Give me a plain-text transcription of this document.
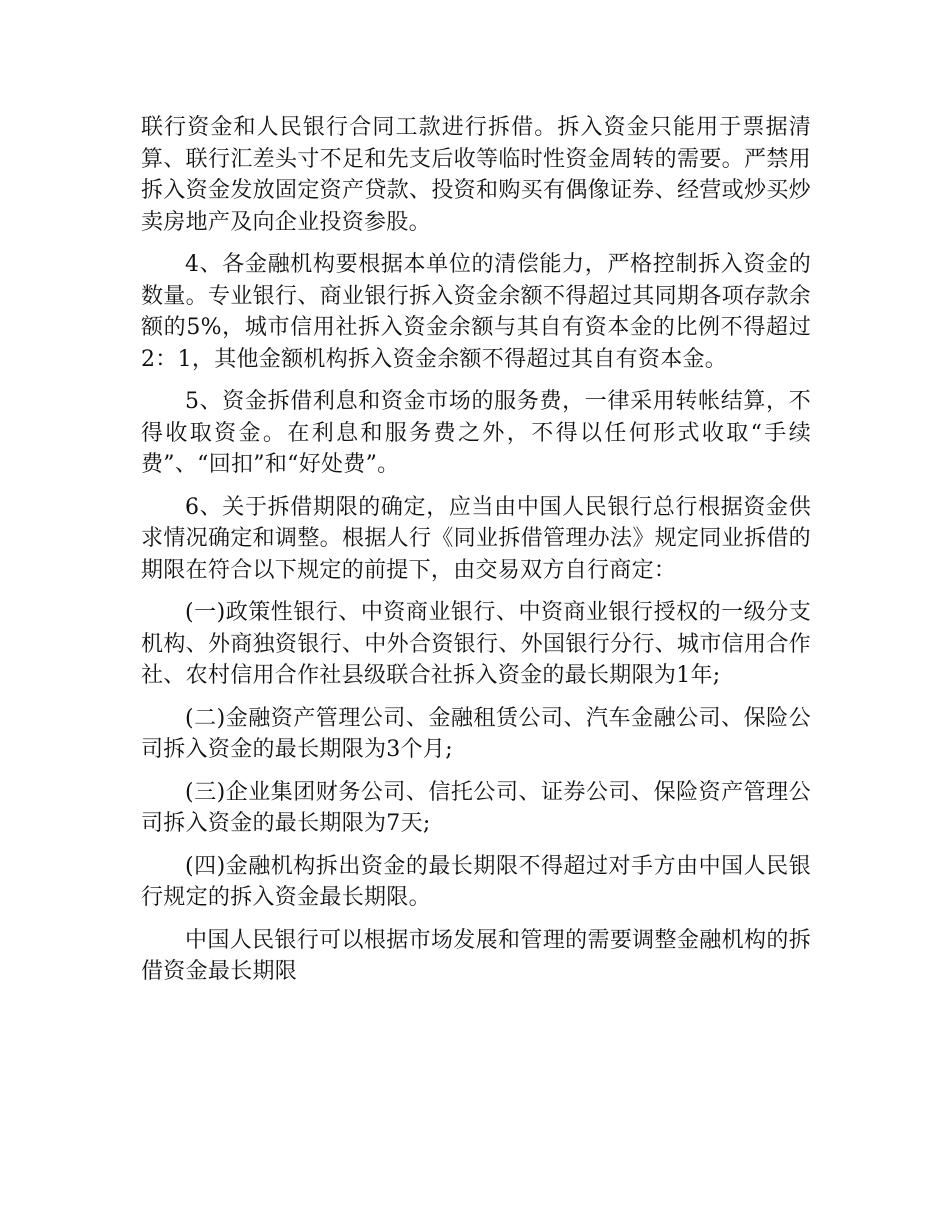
联行资金和人民银行合同工款进行拆借。拆入资金只能用于票据清算、联行汇差头寸不足和先支后收等临时性资金周转的需要。严禁用拆入资金发放固定资产贷款、投资和购买有偶像证券、经营或炒买炒卖房地产及向企业投资参股。

4、各金融机构要根据本单位的清偿能力，严格控制拆入资金的数量。专业银行、商业银行拆入资金余额不得超过其同期各项存款余额的5%，城市信用社拆入资金余额与其自有资本金的比例不得超过2：1，其他金额机构拆入资金余额不得超过其自有资本金。

5、资金拆借利息和资金市场的服务费，一律采用转帐结算，不得收取资金。在利息和服务费之外，不得以任何形式收取“手续费”、“回扣”和“好处费”。

6、关于拆借期限的确定，应当由中国人民银行总行根据资金供求情况确定和调整。根据人行《同业拆借管理办法》规定同业拆借的期限在符合以下规定的前提下，由交易双方自行商定：

(一)政策性银行、中资商业银行、中资商业银行授权的一级分支机构、外商独资银行、中外合资银行、外国银行分行、城市信用合作社、农村信用合作社县级联合社拆入资金的最长期限为1年;

(二)金融资产管理公司、金融租赁公司、汽车金融公司、保险公司拆入资金的最长期限为3个月;

(三)企业集团财务公司、信托公司、证券公司、保险资产管理公司拆入资金的最长期限为7天;

(四)金融机构拆出资金的最长期限不得超过对手方由中国人民银行规定的拆入资金最长期限。

中国人民银行可以根据市场发展和管理的需要调整金融机构的拆借资金最长期限
